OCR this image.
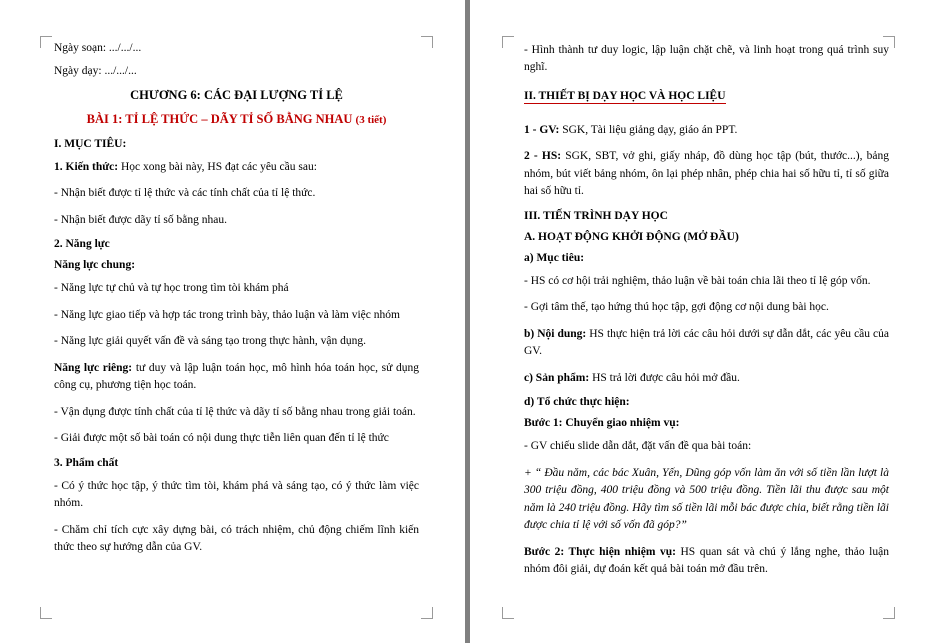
Ngày soạn: .../.../...

Ngày dạy: .../.../...

CHƯƠNG 6: CÁC ĐẠI LƯỢNG TỈ LỆ

BÀI 1: TỈ LỆ THỨC – DÃY TỈ SỐ BẰNG NHAU (3 tiết)

I. MỤC TIÊU:

1. Kiến thức: Học xong bài này, HS đạt các yêu cầu sau:

- Nhận biết được tỉ lệ thức và các tính chất của tỉ lệ thức.

- Nhận biết được dãy tỉ số bằng nhau.

2. Năng lực

Năng lực chung:

- Năng lực tự chủ và tự học trong tìm tòi khám phá

- Năng lực giao tiếp và hợp tác trong trình bày, thảo luận và làm việc nhóm

- Năng lực giải quyết vấn đề và sáng tạo trong thực hành, vận dụng.

Năng lực riêng: tư duy và lập luận toán học, mô hình hóa toán học, sử dụng công cụ, phương tiện học toán.

- Vận dụng được tính chất của tỉ lệ thức và dãy tỉ số bằng nhau trong giải toán.

- Giải được một số bài toán có nội dung thực tiễn liên quan đến tỉ lệ thức

3. Phẩm chất

- Có ý thức học tập, ý thức tìm tòi, khám phá và sáng tạo, có ý thức làm việc nhóm.

- Chăm chỉ tích cực xây dựng bài, có trách nhiệm, chủ động chiếm lĩnh kiến thức theo sự hướng dẫn của GV.

- Hình thành tư duy logic, lập luận chặt chẽ, và linh hoạt trong quá trình suy nghĩ.

II. THIẾT BỊ DẠY HỌC VÀ HỌC LIỆU

1 - GV: SGK, Tài liệu giảng dạy, giáo án PPT.

2 - HS: SGK, SBT, vở ghi, giấy nháp, đồ dùng học tập (bút, thước...), bảng nhóm, bút viết bảng nhóm, ôn lại phép nhân, phép chia hai số hữu tỉ, tỉ số giữa hai số hữu tỉ.

III. TIẾN TRÌNH DẠY HỌC

A. HOẠT ĐỘNG KHỞI ĐỘNG (MỞ ĐẦU)

a) Mục tiêu:

- HS có cơ hội trải nghiệm, thảo luận về bài toán chia lãi theo tỉ lệ góp vốn.

- Gợi tâm thế, tạo hứng thú học tập, gợi động cơ nội dung bài học.

b) Nội dung: HS thực hiện trả lời các câu hỏi dưới sự dẫn dắt, các yêu cầu của GV.

c) Sản phẩm: HS trả lời được câu hỏi mở đầu.

d) Tổ chức thực hiện:

Bước 1: Chuyển giao nhiệm vụ:

- GV chiếu slide dẫn dắt, đặt vấn đề qua bài toán:

+ “ Đầu năm, các bác Xuân, Yến, Dũng góp vốn làm ăn với số tiền lần lượt là 300 triệu đồng, 400 triệu đồng và 500 triệu đồng. Tiền lãi thu được sau một năm là 240 triệu đồng. Hãy tìm số tiền lãi mỗi bác được chia, biết rằng tiền lãi được chia tỉ lệ với số vốn đã góp?”

Bước 2: Thực hiện nhiệm vụ: HS quan sát và chú ý lắng nghe, thảo luận nhóm đôi giải, dự đoán kết quả bài toán mở đầu trên.
